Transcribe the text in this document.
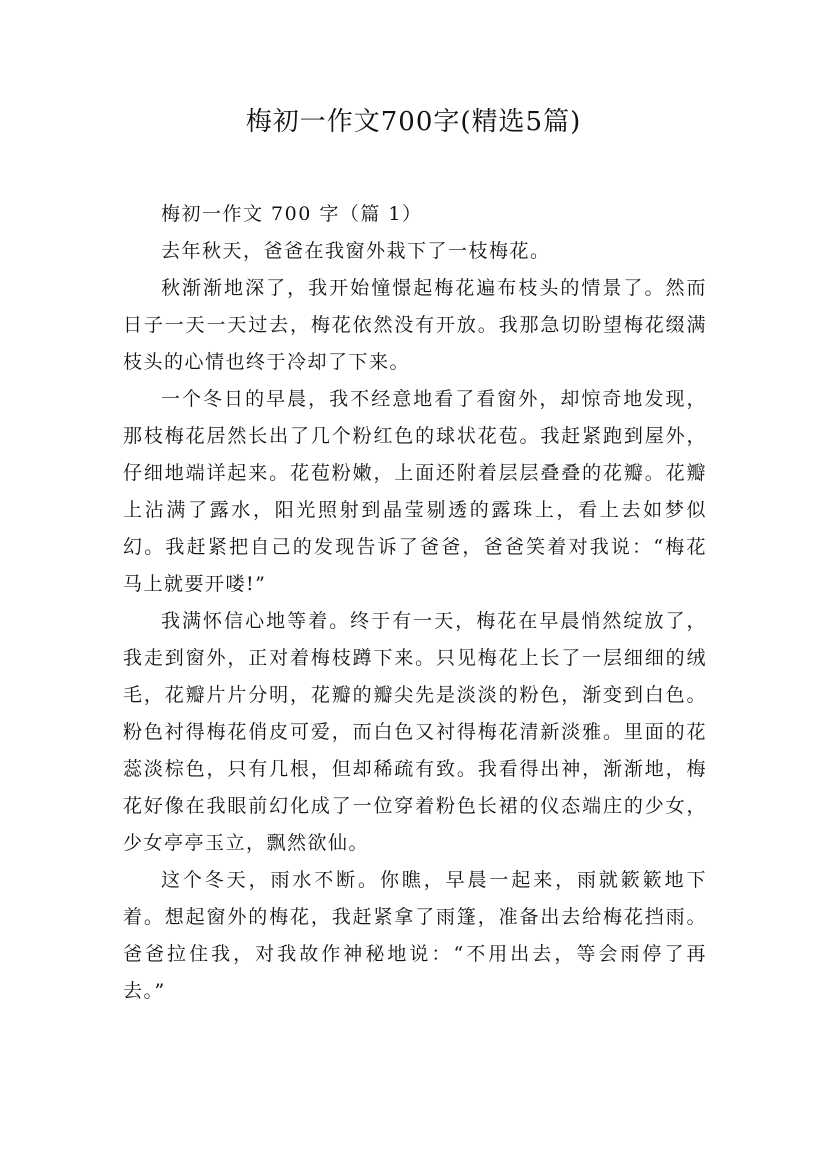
梅初一作文700字(精选5篇)

梅初一作文 700 字（篇 1）

去年秋天，爸爸在我窗外栽下了一枝梅花。

秋渐渐地深了，我开始憧憬起梅花遍布枝头的情景了。然而日子一天一天过去，梅花依然没有开放。我那急切盼望梅花缀满枝头的心情也终于冷却了下来。

一个冬日的早晨，我不经意地看了看窗外，却惊奇地发现，那枝梅花居然长出了几个粉红色的球状花苞。我赶紧跑到屋外，仔细地端详起来。花苞粉嫩，上面还附着层层叠叠的花瓣。花瓣上沾满了露水，阳光照射到晶莹剔透的露珠上，看上去如梦似幻。我赶紧把自己的发现告诉了爸爸，爸爸笑着对我说：“梅花马上就要开喽!”

我满怀信心地等着。终于有一天，梅花在早晨悄然绽放了，我走到窗外，正对着梅枝蹲下来。只见梅花上长了一层细细的绒毛，花瓣片片分明，花瓣的瓣尖先是淡淡的粉色，渐变到白色。粉色衬得梅花俏皮可爱，而白色又衬得梅花清新淡雅。里面的花蕊淡棕色，只有几根，但却稀疏有致。我看得出神，渐渐地，梅花好像在我眼前幻化成了一位穿着粉色长裙的仪态端庄的少女，少女亭亭玉立，飘然欲仙。

这个冬天，雨水不断。你瞧，早晨一起来，雨就簌簌地下着。想起窗外的梅花，我赶紧拿了雨篷，准备出去给梅花挡雨。爸爸拉住我，对我故作神秘地说：“不用出去，等会雨停了再去。”
